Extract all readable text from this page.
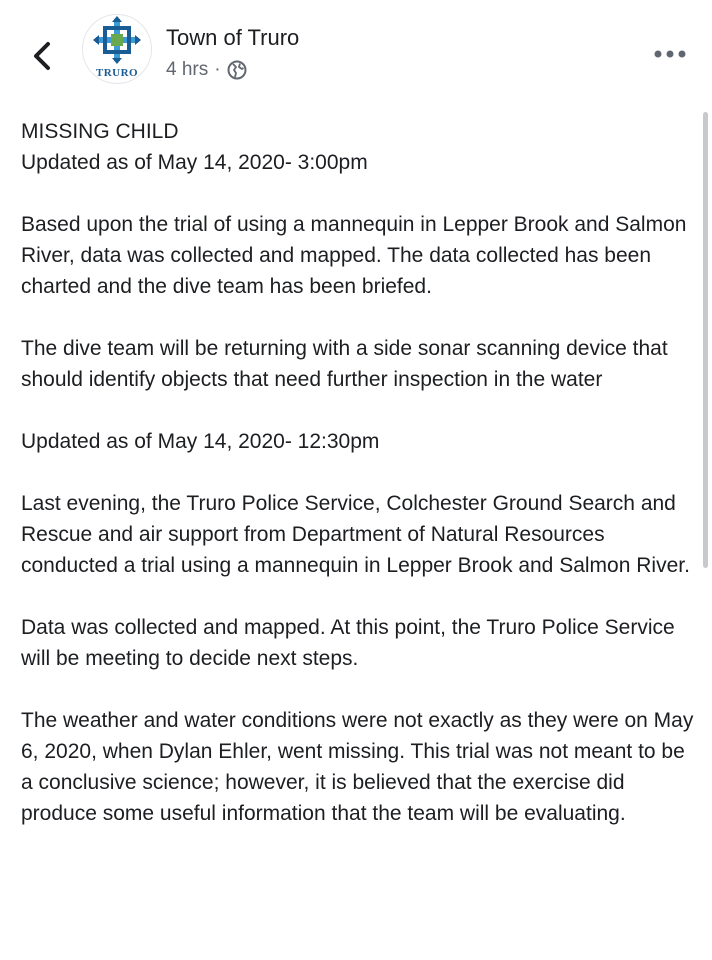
TRURO
Town of Truro
4 hrs ·

MISSING CHILD
Updated as of May 14, 2020- 3:00pm

Based upon the trial of using a mannequin in Lepper Brook and Salmon River, data was collected and mapped. The data collected has been charted and the dive team has been briefed.

The dive team will be returning with a side sonar scanning device that should identify objects that need further inspection in the water

Updated as of May 14, 2020- 12:30pm

Last evening, the Truro Police Service, Colchester Ground Search and Rescue and air support from Department of Natural Resources conducted a trial using a mannequin in Lepper Brook and Salmon River.

Data was collected and mapped. At this point, the Truro Police Service will be meeting to decide next steps.

The weather and water conditions were not exactly as they were on May 6, 2020, when Dylan Ehler, went missing. This trial was not meant to be a conclusive science; however, it is believed that the exercise did produce some useful information that the team will be evaluating.
